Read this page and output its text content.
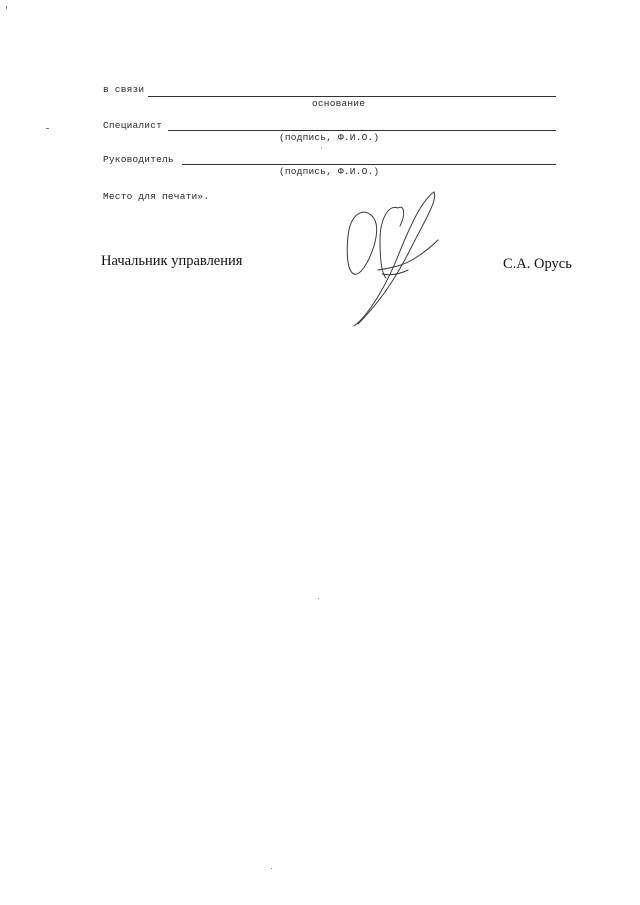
в связи
основание
Специалист
(подпись, Ф.И.О.)
Руководитель
(подпись, Ф.И.О.)
Место для печати».
Начальник управления	С.А. Орусь
